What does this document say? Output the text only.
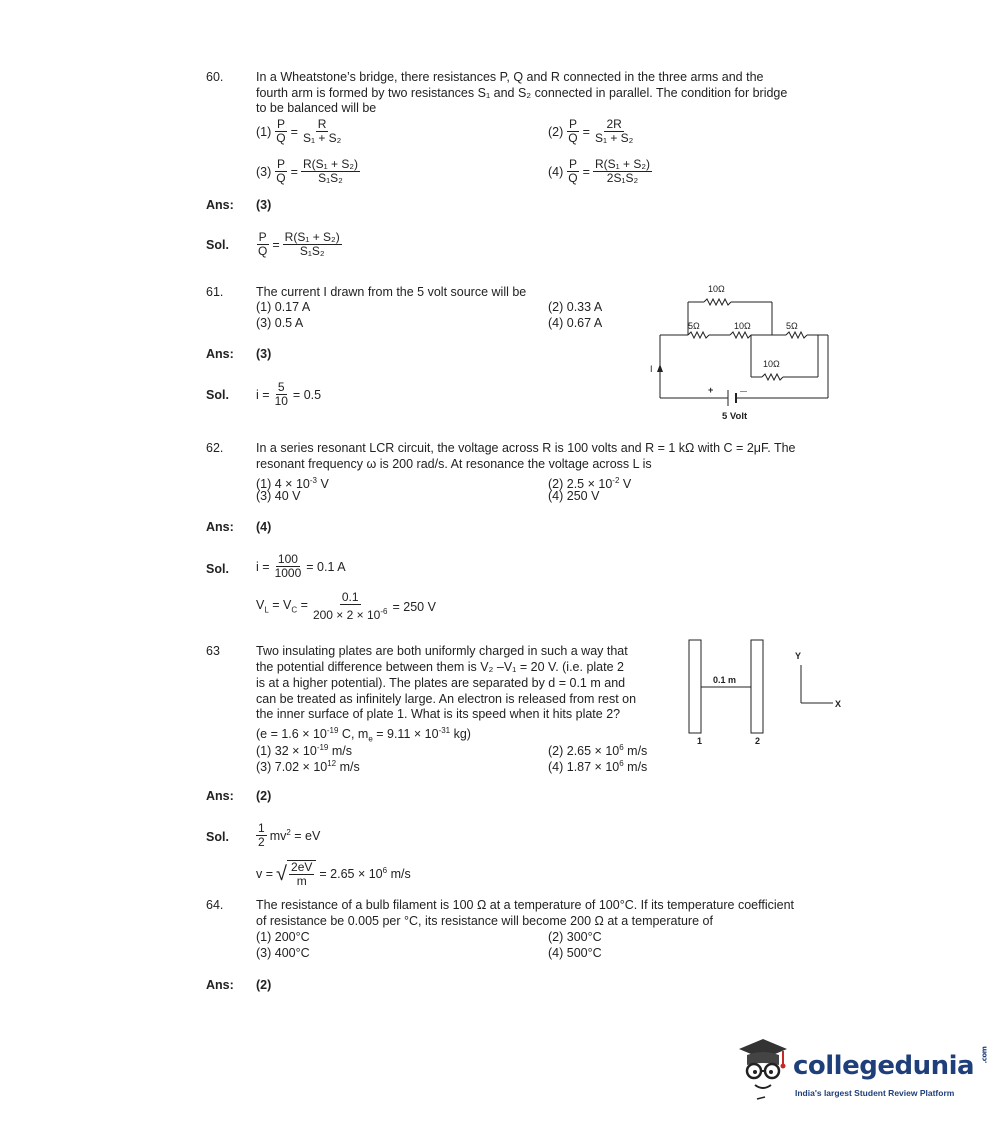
60.	In a Wheatstone’s bridge, there resistances P, Q and R connected in the three arms and the
fourth arm is formed by two resistances S₁ and S₂ connected in parallel. The condition for bridge
to be balanced will be
$(1) \frac{P}{Q} = \frac{R}{\text{S₁ + S₂}}$	$(2) \frac{P}{Q} = \frac{2R}{\text{S₁ + S₂}}$
$(3) \frac{P}{Q} = \frac{\text{R(S₁ + S₂)}}{\text{S₁S₂}}$	$(4) \frac{P}{Q} = \frac{\text{R(S₁ + S₂)}}{\text{2S₁S₂}}$
Ans: (3)
Sol. $\frac{P}{Q} = \frac{\text{R(S₁ + S₂)}}{\text{S₁S₂}}$
61.	The current I drawn from the 5 volt source will be
(1) 0.17 A	(2) 0.33 A
(3) 0.5 A	(4) 0.67 A
Ans: (3)
Sol. $i = \frac{5}{10} = 0.5$
10Ω
5Ω	10Ω	5Ω
10Ω
I
+	—
5 Volt
62.	In a series resonant LCR circuit, the voltage across R is 100 volts and R = 1 kΩ with C = 2μF. The
resonant frequency ω is 200 rad/s. At resonance the voltage across L is
(1) $4 \times 10^{-3}$ V	(2) $2.5 \times 10^{-2}$ V
(3) 40 V	(4) 250 V
Ans: (4)
Sol. $i = \frac{100}{1000} = 0.1$ A
$V_L = V_C = \frac{0.1}{200 \times 2 \times 10^{-6}} = 250$ V
63	Two insulating plates are both uniformly charged in such a way that
the potential difference between them is V₂ –V₁ = 20 V. (i.e. plate 2
is at a higher potential). The plates are separated by d = 0.1 m and
can be treated as infinitely large. An electron is released from rest on
the inner surface of plate 1. What is its speed when it hits plate 2?
($e = 1.6 \times 10^{-19}$ C, $m_e = 9.11 \times 10^{-31}$ kg)
(1) $32 \times 10^{-19}$ m/s	(2) $2.65 \times 10^6$ m/s
(3) $7.02 \times 10^{12}$ m/s	(4) $1.87 \times 10^6$ m/s
0.1 m
1	2
Y
X
Ans: (2)
Sol. $\frac{1}{2} mv^2$ = eV
v = √ $\frac{2eV}{m} = 2.65 \times 10^6$ m/s
64.	The resistance of a bulb filament is 100 Ω at a temperature of 100°C. If its temperature coefficient
of resistance be 0.005 per °C, its resistance will become 200 Ω at a temperature of
(1) 200°C	(2) 300°C
(3) 400°C	(4) 500°C
Ans: (2)
collegedunia .com
India's largest Student Review Platform
